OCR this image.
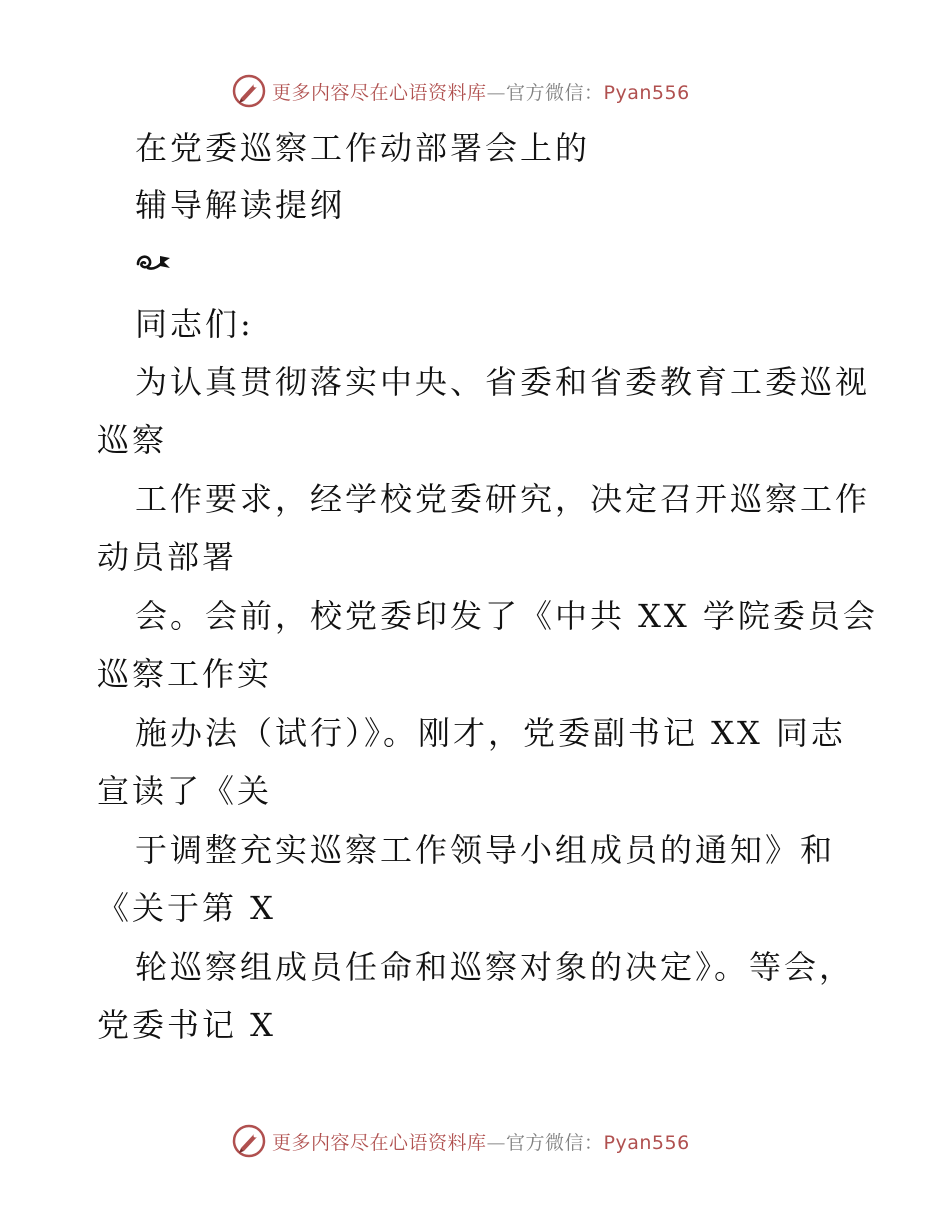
更多内容尽在心语资料库—官方微信：Pyan556
在党委巡察工作动部署会上的
辅导解读提纲
同志们:
为认真贯彻落实中央、省委和省委教育工委巡视
巡察
工作要求，经学校党委研究，决定召开巡察工作
动员部署
会。会前，校党委印发了《中共 XX 学院委员会
巡察工作实
施办法（试行）》。刚才，党委副书记 XX 同志
宣读了《关
于调整充实巡察工作领导小组成员的通知》和
《关于第 X
轮巡察组成员任命和巡察对象的决定》。等会，
党委书记 X
更多内容尽在心语资料库—官方微信：Pyan556
